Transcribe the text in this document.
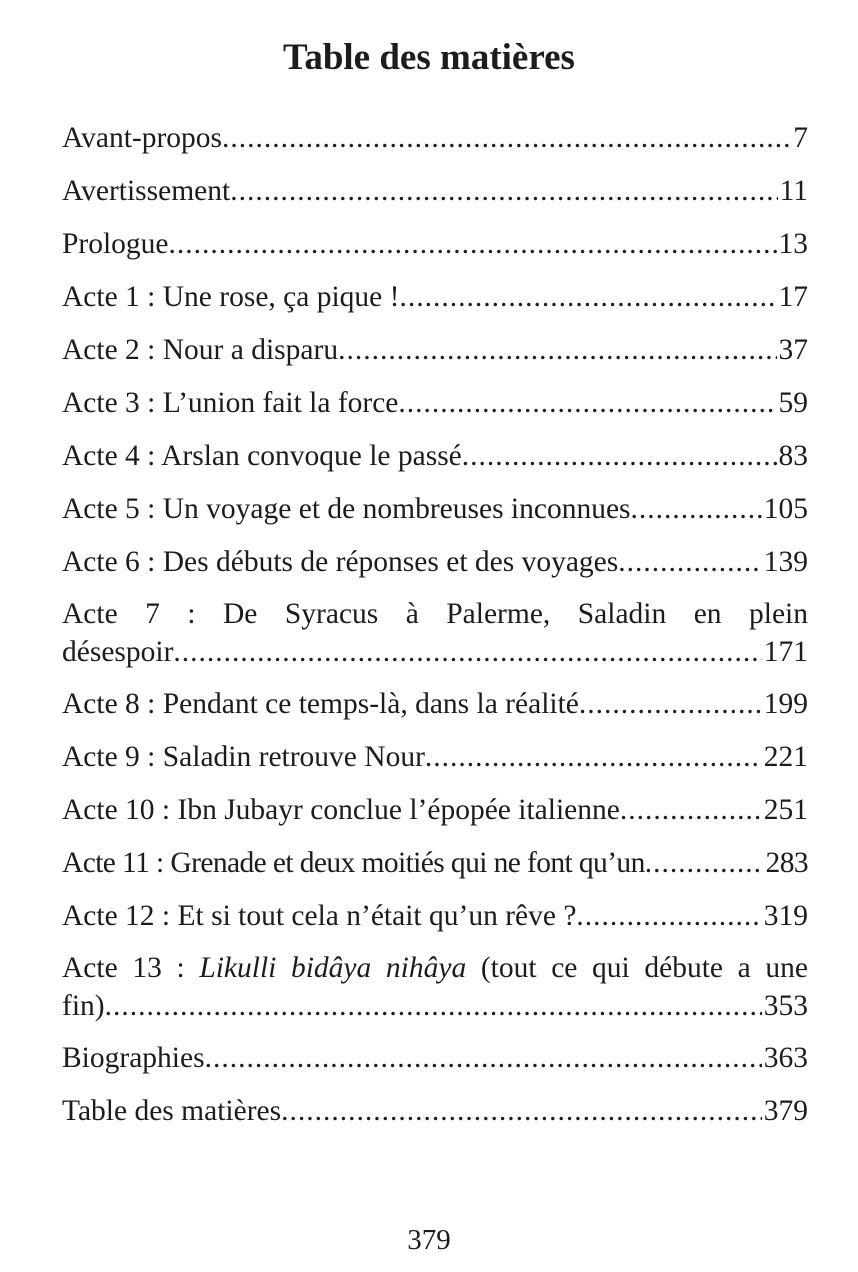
Table des matières
Avant-propos .....	7
Avertissement .....	11
Prologue .....	13
Acte 1 : Une rose, ça pique ! .....	17
Acte 2 : Nour a disparu .....	37
Acte 3 : L’union fait la force .....	59
Acte 4 : Arslan convoque le passé .....	83
Acte 5 : Un voyage et de nombreuses inconnues .....	105
Acte 6 : Des débuts de réponses et des voyages .....	139
Acte 7 : De Syracus à Palerme, Saladin en plein
désespoir .....	171
Acte 8 : Pendant ce temps-là, dans la réalité .....	199
Acte 9 : Saladin retrouve Nour .....	221
Acte 10 : Ibn Jubayr conclue l’épopée italienne .....	251
Acte 11 : Grenade et deux moitiés qui ne font qu’un .....	283
Acte 12 : Et si tout cela n’était qu’un rêve ? .....	319
Acte 13 : Likulli bidâya nihâya (tout ce qui débute a une
fin) .....	353
Biographies .....	363
Table des matières .....	379
379
